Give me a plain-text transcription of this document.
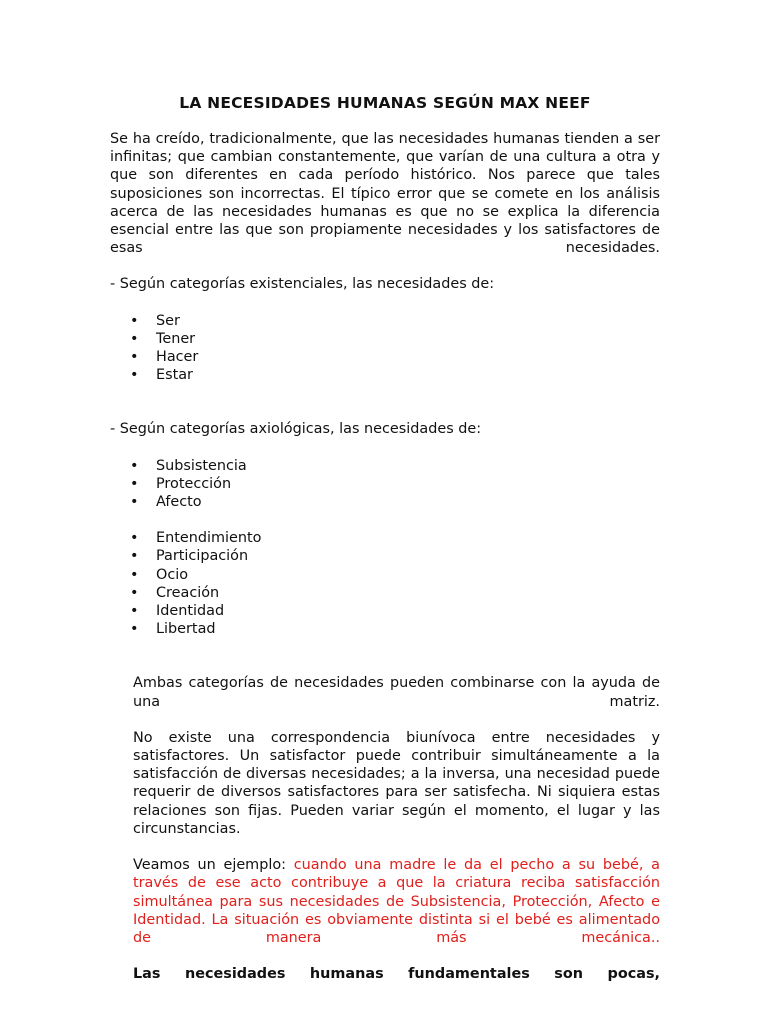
LA NECESIDADES HUMANAS SEGÚN MAX NEEF

Se ha creído, tradicionalmente, que las necesidades humanas tienden a ser infinitas; que cambian constantemente, que varían de una cultura a otra y que son diferentes en cada período histórico. Nos parece que tales suposiciones son incorrectas. El típico error que se comete en los análisis acerca de las necesidades humanas es que no se explica la diferencia esencial entre las que son propiamente necesidades y los satisfactores de esas necesidades.

- Según categorías existenciales, las necesidades de:
• Ser
• Tener
• Hacer
• Estar
- Según categorías axiológicas, las necesidades de:
• Subsistencia
• Protección
• Afecto
• Entendimiento
• Participación
• Ocio
• Creación
• Identidad
• Libertad

Ambas categorías de necesidades pueden combinarse con la ayuda de una matriz.

No existe una correspondencia biunívoca entre necesidades y satisfactores. Un satisfactor puede contribuir simultáneamente a la satisfacción de diversas necesidades; a la inversa, una necesidad puede requerir de diversos satisfactores para ser satisfecha. Ni siquiera estas relaciones son fijas. Pueden variar según el momento, el lugar y las circunstancias.

Veamos un ejemplo: cuando una madre le da el pecho a su bebé, a través de ese acto contribuye a que la criatura reciba satisfacción simultánea para sus necesidades de Subsistencia, Protección, Afecto e Identidad. La situación es obviamente distinta si el bebé es alimentado de manera más mecánica..

Las necesidades humanas fundamentales son pocas,
